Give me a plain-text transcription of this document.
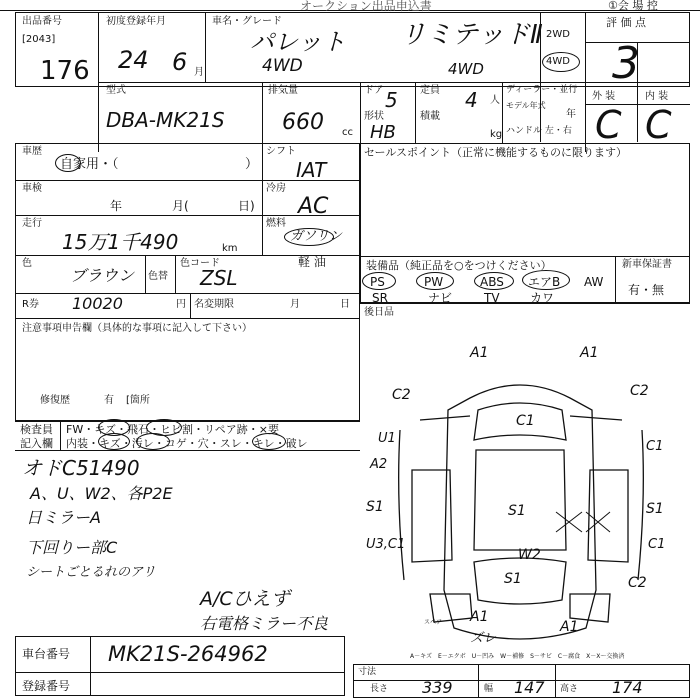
オークション出品申込書	①会 場 控
出品番号
[2043]
176
初度登録年月
24 6 月
車名・グレード
パレット
4WD
リミテッドⅡ
4WD
2WD
4WD
評 価 点
3
外 装	内 装
C C
型式
DBA-MK21S
排気量
660 cc
ドア 5
形状
HB
定員 4 人
積載
kg
ディーラー・並行
モデル年式
年
ハンドル 左・右
車歴
自家用・（	）
シフト
IAT
セールスポイント（正常に機能するものに限ります）
車検
年	月(	日)
冷房
AC
走行
15万1千490	km
燃料
ガソリン
軽 油
色
ブラウン 色替
色コード
ZSL
R券 10020	円 名変期限	月	日
注意事項申告欄（具体的な事項に記入して下さい）
修復歴	有 [箇所
装備品（純正品を○をつけください）
PS	PW	ABS エアB AW
SR	ナビ	TV	カワ
新車保証書
有・無
後日品
検査員
記入欄
FW・キズ・飛石・ヒビ割・リペア跡・×要
内装・キズ・汚レ・コゲ・穴・スレ・キレ・破レ
オドC51490
A、U、W2、各P2E
日ミラーA
下回りー部C
シートごとるれのアリ
A/Cひえず
右電格ミラー不良
A1	A1
C2	C2
C1
U1
A2
C1
S1	S1	S1
U3,C1	C1
W2
S1	C2
A1
A1
ズレ
スペア
車台番号 MK21S-264962
登録番号
A－キズ　E－エクボ　U－凹み　W－補修　S－サビ　C－腐食　X－X～交換済
寸法
長さ 339	幅 147 高さ 174
